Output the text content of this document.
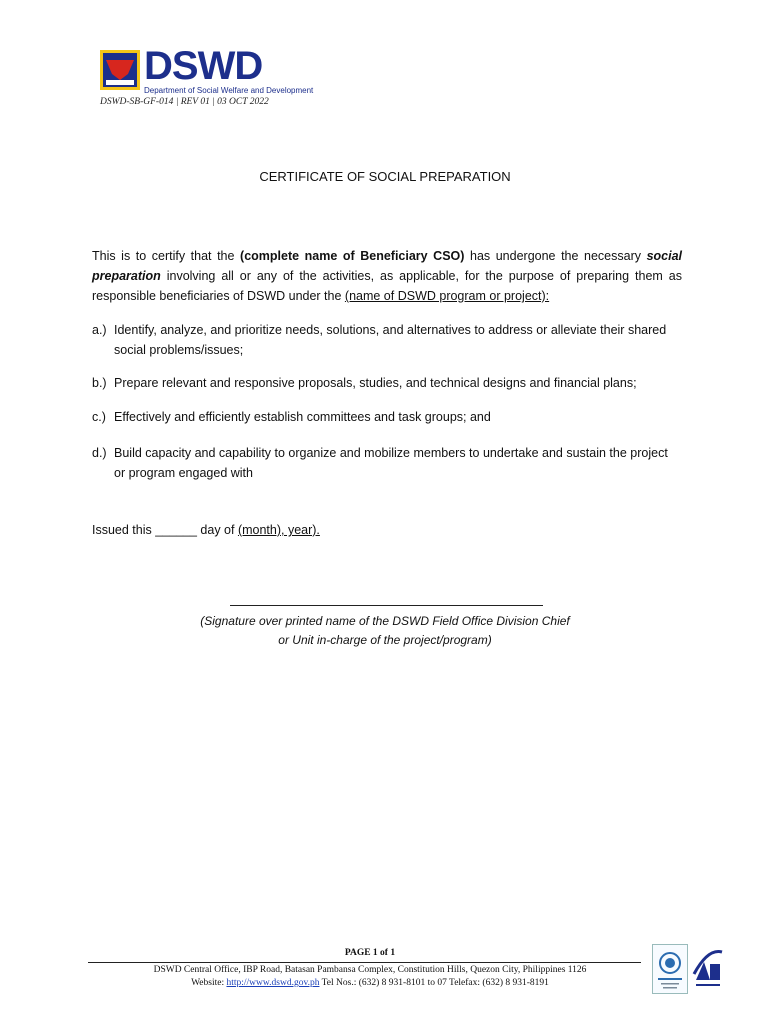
DSWD
Department of Social Welfare and Development
DSWD-SB-GF-014 | REV 01 | 03 OCT 2022
CERTIFICATE OF SOCIAL PREPARATION
This is to certify that the (complete name of Beneficiary CSO) has undergone the necessary social preparation involving all or any of the activities, as applicable, for the purpose of preparing them as responsible beneficiaries of DSWD under the (name of DSWD program or project):
a.) Identify, analyze, and prioritize needs, solutions, and alternatives to address or alleviate their shared social problems/issues;
b.) Prepare relevant and responsive proposals, studies, and technical designs and financial plans;
c.) Effectively and efficiently establish committees and task groups; and
d.) Build capacity and capability to organize and mobilize members to undertake and sustain the project or program engaged with
Issued this ______ day of (month), year).
(Signature over printed name of the DSWD Field Office Division Chief
or Unit in-charge of the project/program)
PAGE 1 of 1
DSWD Central Office, IBP Road, Batasan Pambansa Complex, Constitution Hills, Quezon City, Philippines 1126
Website: http://www.dswd.gov.ph Tel Nos.: (632) 8 931-8101 to 07 Telefax: (632) 8 931-8191
